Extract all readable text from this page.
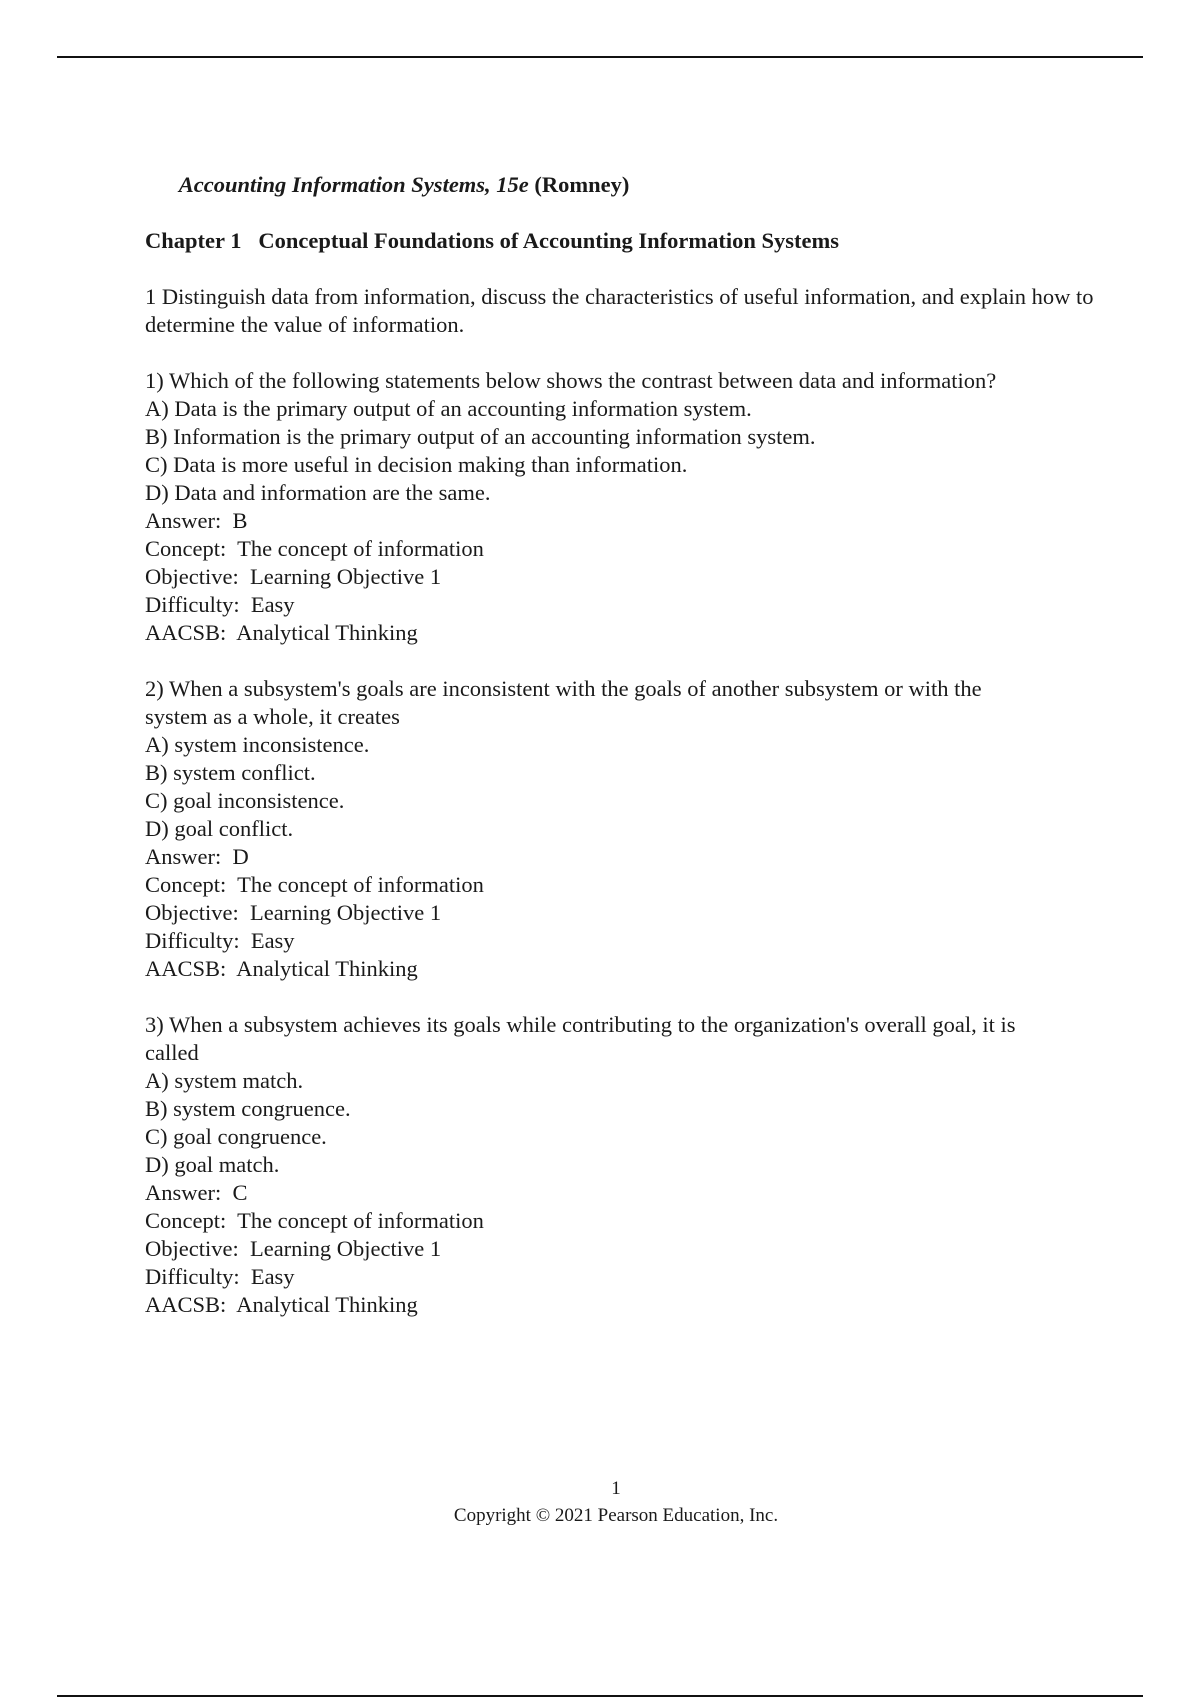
Accounting Information Systems, 15e (Romney)

Chapter 1   Conceptual Foundations of Accounting Information Systems
1 Distinguish data from information, discuss the characteristics of useful information, and explain how to determine the value of information.
1) Which of the following statements below shows the contrast between data and information?
A) Data is the primary output of an accounting information system.
B) Information is the primary output of an accounting information system.
C) Data is more useful in decision making than information.
D) Data and information are the same.
Answer:  B
Concept:  The concept of information
Objective:  Learning Objective 1
Difficulty:  Easy
AACSB:  Analytical Thinking
2) When a subsystem's goals are inconsistent with the goals of another subsystem or with the
system as a whole, it creates
A) system inconsistence.
B) system conflict.
C) goal inconsistence.
D) goal conflict.
Answer:  D
Concept:  The concept of information
Objective:  Learning Objective 1
Difficulty:  Easy
AACSB:  Analytical Thinking
3) When a subsystem achieves its goals while contributing to the organization's overall goal, it is
called
A) system match.
B) system congruence.
C) goal congruence.
D) goal match.
Answer:  C
Concept:  The concept of information
Objective:  Learning Objective 1
Difficulty:  Easy
AACSB:  Analytical Thinking
1
Copyright © 2021 Pearson Education, Inc.
